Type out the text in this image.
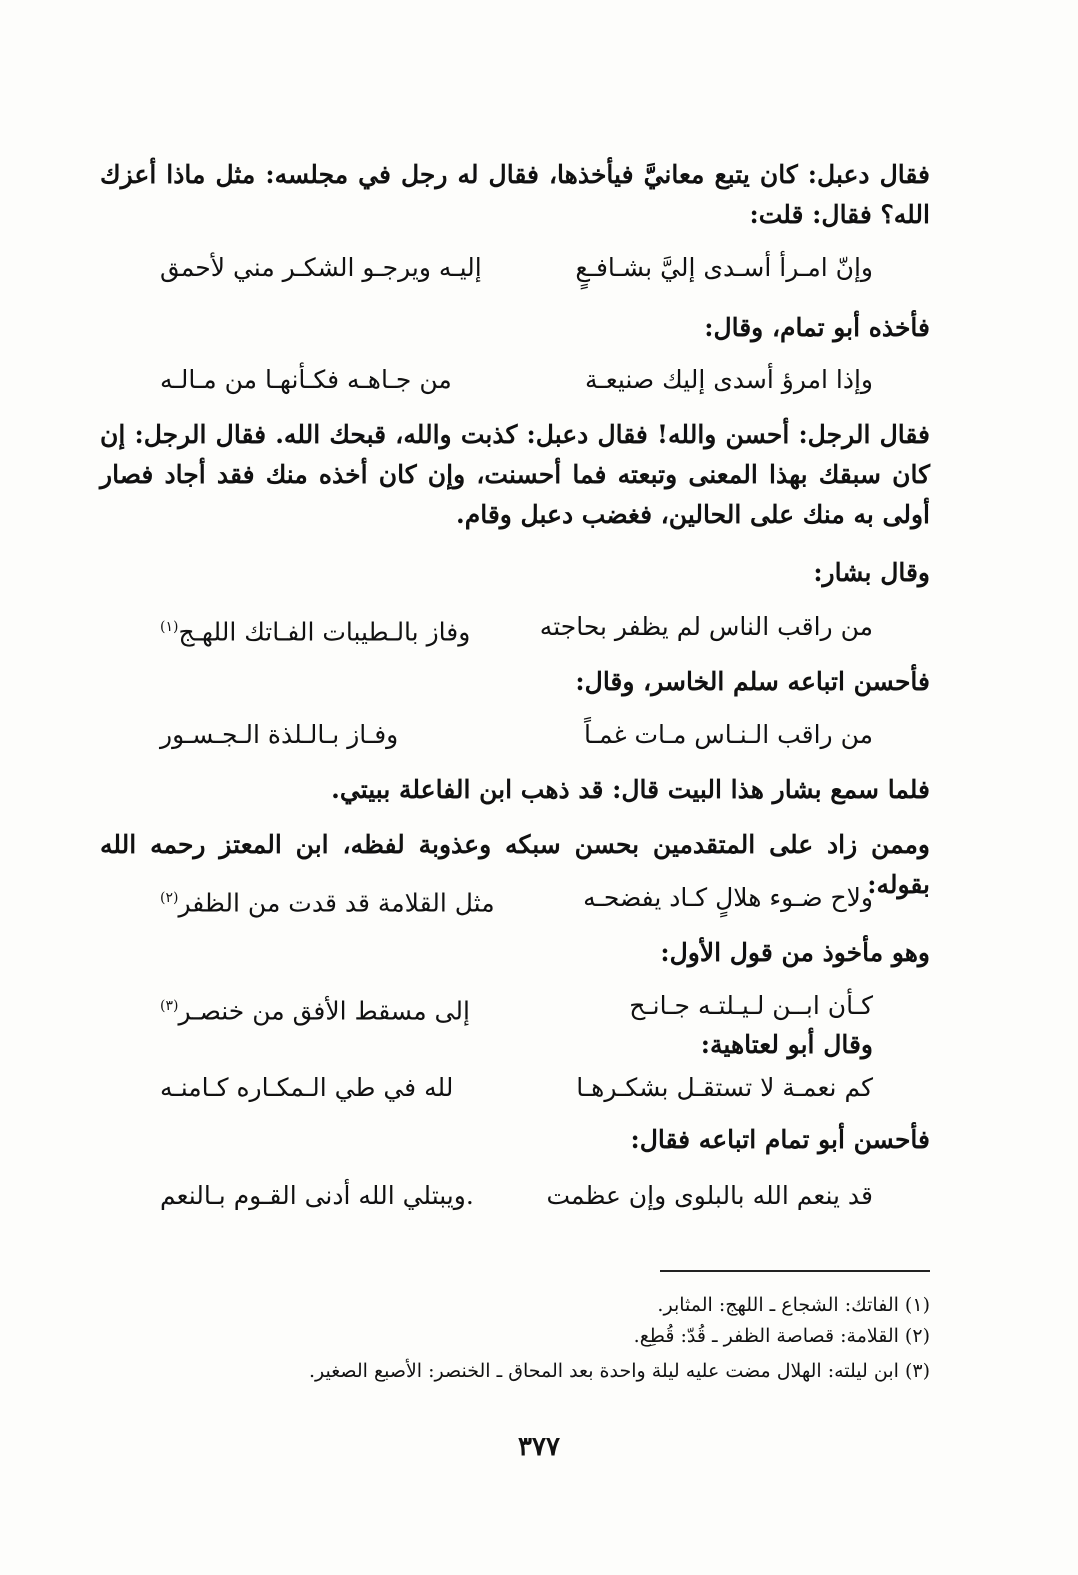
فقال دعبل: كان يتبع معانيَّ فيأخذها، فقال له رجل في مجلسه: مثل ماذا أعزك الله؟ فقال: قلت:
وإنّ امـرأ أسـدى إليَّ بشـافـعٍ
إليـه ويرجـو الشكـر مني لأحمق
فأخذه أبو تمام، وقال:
وإذا امرؤ أسدى إليك صنيعـة
من جـاهـه فكـأنهـا من مـالـه
فقال الرجل: أحسن والله! فقال دعبل: كذبت والله، قبحك الله. فقال الرجل: إن كان سبقك بهذا المعنى وتبعته فما أحسنت، وإن كان أخذه منك فقد أجاد فصار أولى به منك على الحالين، فغضب دعبل وقام.
وقال بشار:
من راقب الناس لم يظفر بحاجته
وفاز بالـطيبات الفـاتك اللهـج$^{(١)}$
فأحسن اتباعه سلم الخاسر، وقال:
من راقب الـنـاس مـات غمـاً
وفـاز بـالـلذة الـجـسـور
فلما سمع بشار هذا البيت قال: قد ذهب ابن الفاعلة ببيتي.
وممن زاد على المتقدمين بحسن سبكه وعذوبة لفظه، ابن المعتز رحمه الله بقوله:
ولاح ضـوء هلالٍ كـاد يفضحـه
مثل القلامة قد قدت من الظفر$^{(٢)}$
وهو مأخوذ من قول الأول:
كـأن ابــن لـيـلتـه جـانـح
إلى مسقط الأفق من خنصـر$^{(٣)}$
وقال أبو لعتاهية:
كم نعمـة لا تستقـل بشكـرهـا
لله في طي الـمكـاره كـامنـه
فأحسن أبو تمام اتباعه فقال:
قد ينعم الله بالبلوى وإن عظمت
.ويبتلي الله أدنى القـوم بـالنعم
(١) الفاتك: الشجاع ـ اللهج: المثابر.
(٢) القلامة: قصاصة الظفر ـ قُدّ: قُطِع.
(٣) ابن ليلته: الهلال مضت عليه ليلة واحدة بعد المحاق ـ الخنصر: الأصبع الصغير.
٣٧٧
